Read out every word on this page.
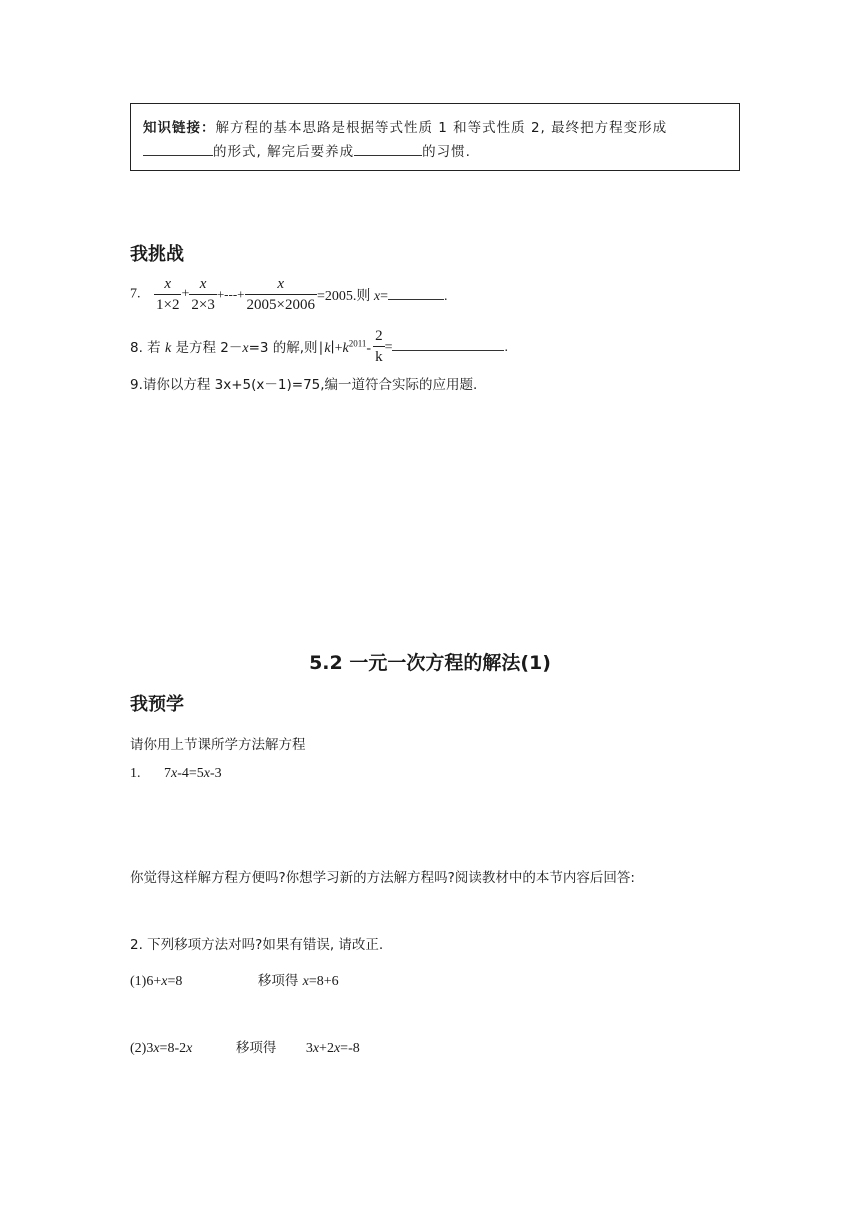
知识链接：解方程的基本思路是根据等式性质 1 和等式性质 2, 最终把方程变形成
的形式, 解完后要养成	的习惯.
我挑战
7. $\frac{x}{1\times 2} + \frac{x}{2\times 3}$ +---+ $\frac{x}{2005\times 2006} =2005$.则 x=	.
8. 若 k 是方程 2－x=3 的解,则$∣k∣+k^{2011}- \frac{2}{k}$ =	.
9.请你以方程 3x+5(x－1)=75,编一道符合实际的应用题.
5.2 一元一次方程的解法(1)
我预学
请你用上节课所学方法解方程
1. 7x-4=5x-3
你觉得这样解方程方便吗?你想学习新的方法解方程吗?阅读教材中的本节内容后回答:
2. 下列移项方法对吗?如果有错误, 请改正.
(1)6+x=8	移项得 x=8+6
(2)3x=8-2x	移项得 3x+2x=-8
